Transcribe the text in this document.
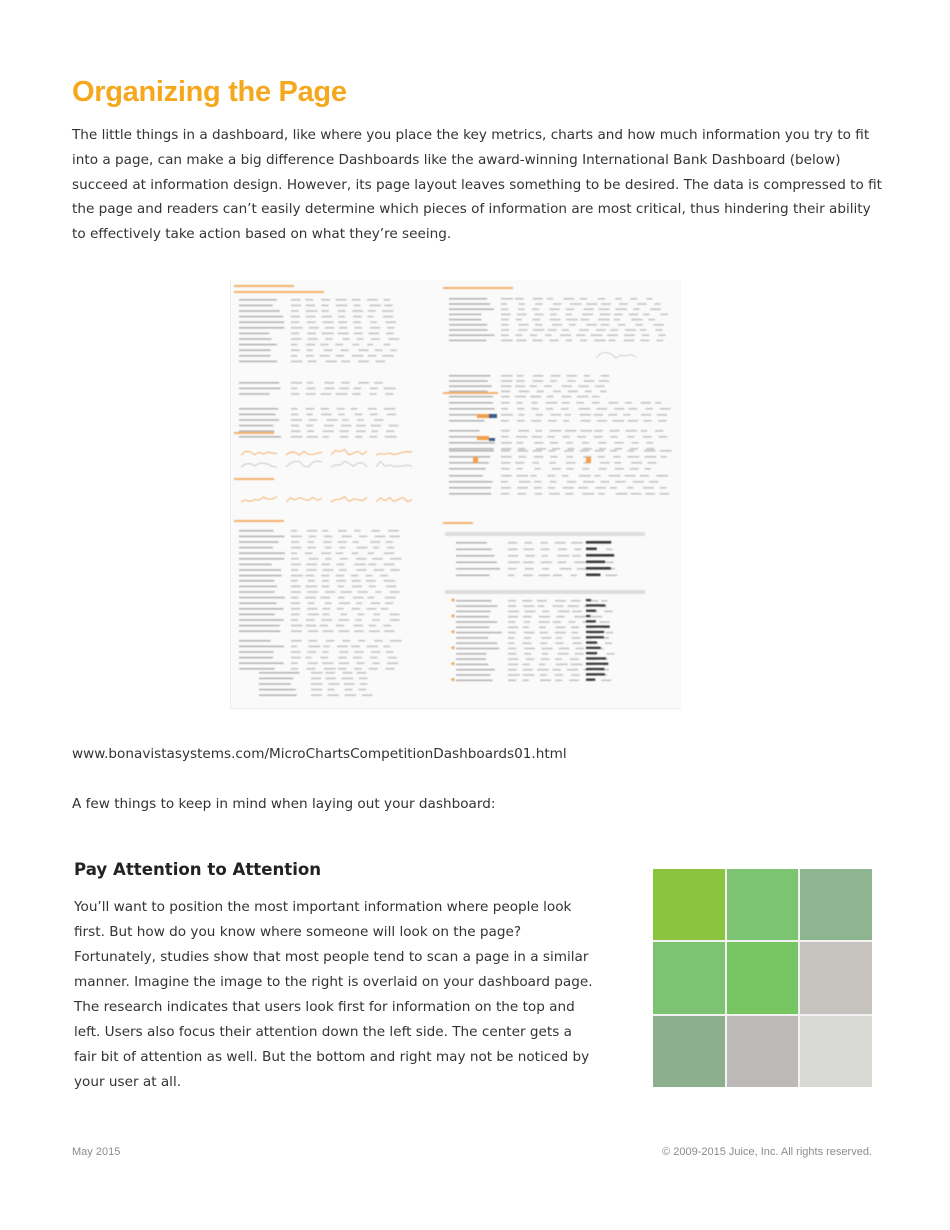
Organizing the Page

The little things in a dashboard, like where you place the key metrics, charts and how much information you try to fit into a page, can make a big difference Dashboards like the award-winning International Bank Dashboard (below) succeed at information design. However, its page layout leaves something to be desired. The data is compressed to fit the page and readers can’t easily determine which pieces of information are most critical, thus hindering their ability to effectively take action based on what they’re seeing.

www.bonavistasystems.com/MicroChartsCompetitionDashboards01.html

A few things to keep in mind when laying out your dashboard:

Pay Attention to Attention

You’ll want to position the most important information where people look first. But how do you know where someone will look on the page? Fortunately, studies show that most people tend to scan a page in a similar manner. Imagine the image to the right is overlaid on your dashboard page. The research indicates that users look first for information on the top and left. Users also focus their attention down the left side. The center gets a fair bit of attention as well. But the bottom and right may not be noticed by your user at all.

May 2015	© 2009-2015 Juice, Inc. All rights reserved.
